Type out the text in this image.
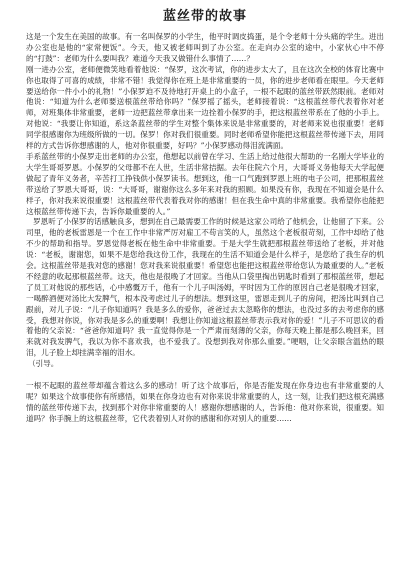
蓝丝带的故事

这是一个发生在美国的故事。有一名叫保罗的小学生，他平时调皮捣蛋，是个令老师十分头痛的学生。进出办公室也是他的“家常便饭”。今天，他又被老师叫到了办公室。在走向办公室的途中，小家伙心中不停的“打鼓”：老师为什么要叫我？难道今天我又做错什么事情了……？

刚一进办公室，老师便微笑地看着他说：“保罗，这次考试，你的进步太大了，且在这次全校的体育比赛中你也取得了可喜的成绩，非常不错！我觉得你在班上是非常重要的一员，你的进步老师看在眼里。今天老师要送给你一件小小的礼物！”小保罗迫不及待地打开桌上的小盒子，一根不起眼的蓝丝带跃然眼前。老师对他说：“知道为什么老师要送根蓝丝带给你吗？”保罗摇了摇头，老师接着说：“这根蓝丝带代表着你对老师，对班集体非常重要，老师一边把蓝丝带拿出来一边拴着小保罗的手，把这根蓝丝带系在了他的小手上。对他说：“我要让你知道，系这条蓝丝带的学生对整个集体来说是非常重要的，对老师来说也很重要！老师同学很感谢你为班级所做的一切。保罗！你对我们很重要。同时老师希望你能把这根蓝丝带传递下去，用同样的方式告诉你想感谢的人，他对你很重要，好吗？”小保罗感动得泪流满面。

手系蓝丝带的小保罗走出老师的办公室，他想起以前曾在学习、生活上给过他很大帮助的一名刚大学毕业的大学生哥哥罗恩。小保罗的父母都不在人世，生活非常拮据。去年住院六个月，大哥哥义务他每天大学起便做起了青年义务者，辛苦打工挣钱供小保罗读书。想到这，他一口气跑到罗恩上班的电子公司，把那根蓝丝带送给了罗恩大哥哥，说：“大哥哥，谢谢你这么多年来对我的照顾。如果没有你，我现在不知道会是什么样子，你对我来说很重要！这根蓝丝带代表着我对你的感谢！但在我生命中真的非常重要。我希望你也能把这根蓝丝带传递下去，告诉你最重要的人。”

罗恩听了小保罗的话感触良多，想到在自己最需要工作的时候是这家公司给了他机会，让他留了下来。公司里，他的老板雷恩是一个在工作中非常严厉对雇工不苟言笑的人，虽然这个老板很苛刻，工作中却给了他不少的帮助和指导。罗恩觉得老板在他生命中非常重要。于是大学生就把那根蓝丝带送给了老板，并对他说：“老板，谢谢您，如果不是您给我这份工作，我现在的生活不知道会是什么样子，是您给了我生存的机会。这根蓝丝带是我对您的感谢！您对我来说很重要！希望您也能把这根蓝丝带给您认为最重要的人。”老板不经意的收起那根蓝丝带。这天，他也是很晚了才回家。当他从口袋里掏出钥匙时看到了那根蓝丝带，想起了员工对他说的那些话，心中感慨万千，他有一个儿子叫汤姆，平时因为工作的原因自己老是很晚才回家，一喝醉酒便对汤比大发脾气，根本没考虑过儿子的想法。想到这里，雷恩走到儿子的房间，把汤比叫到自己跟前，对儿子说：“儿子你知道吗？我是多么的爱你，爸爸过去太忽略你的想法，也没过多的去考虑你的感受，我想对你说，你对我是多么的重要啊！我想让你知道这根蓝丝带表示我对你的爱！”儿子不可思议的看着他的父亲说：“爸爸你知道吗？我一直觉得你是一个严肃而刻薄的父亲，你每天晚上都是那么晚回来，回来就对我发脾气，我以为你不喜欢我，也不爱我了。没想到我对你那么重要。”哽咽，让父亲眼含温热的眼泪，儿子脸上却挂满幸福的泪水。

（引导。

一根不起眼的蓝丝带却蕴含着这么多的感动！听了这个故事后，你是否能发现在你身边也有非常重要的人呢？如果这个故事使你有所感悟，如果在你身边也有对你来说非常重要的人，这一刻，让我们把这根充满感情的蓝丝带传递下去，找到那个对你非常重要的人！感谢你想感谢的人，告诉他：他对你来说，很重要。知道吗？你手腕上的这根蓝丝带，它代表着别人对你的感谢和你对别人的重要……
